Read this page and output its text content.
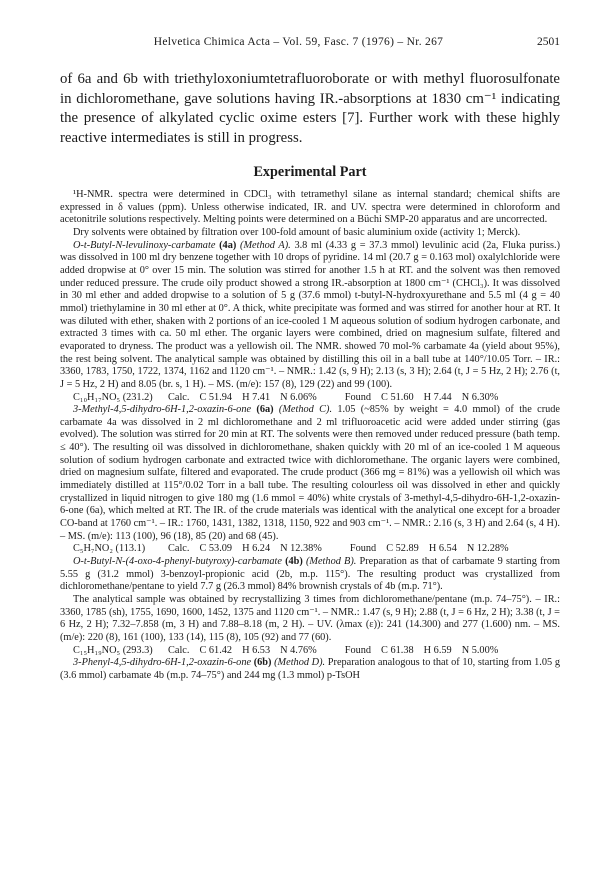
Helvetica Chimica Acta – Vol. 59, Fasc. 7 (1976) – Nr. 267	2501
of 6a and 6b with triethyloxoniumtetrafluoroborate or with methyl fluorosulfonate in dichloromethane, gave solutions having IR.-absorptions at 1830 cm⁻¹ indicating the presence of alkylated cyclic oxime esters [7]. Further work with these highly reactive intermediates is still in progress.
Experimental Part

¹H-NMR. spectra were determined in CDCl₃ with tetramethyl silane as internal standard; chemical shifts are expressed in δ values (ppm). Unless otherwise indicated, IR. and UV. spectra were determined in chloroform and acetonitrile solutions respectively. Melting points were determined on a Büchi SMP-20 apparatus and are uncorrected.

Dry solvents were obtained by filtration over 100-fold amount of basic aluminium oxide (activity 1; Merck).

O-t-Butyl-N-levulinoxy-carbamate (4a) (Method A). 3.8 ml (4.33 g = 37.3 mmol) levulinic acid (2a, Fluka puriss.) was dissolved in 100 ml dry benzene together with 10 drops of pyridine. 14 ml (20.7 g = 0.163 mol) oxalylchloride were added dropwise at 0° over 15 min. The solution was stirred for another 1.5 h at RT. and the solvent was then removed under reduced pressure. The crude oily product showed a strong IR.-absorption at 1800 cm⁻¹ (CHCl₃). It was dissolved in 30 ml ether and added dropwise to a solution of 5 g (37.6 mmol) t-butyl-N-hydroxyurethane and 5.5 ml (4 g = 40 mmol) triethylamine in 30 ml ether at 0°. A thick, white precipitate was formed and was stirred for another hour at RT. It was diluted with ether, shaken with 2 portions of an ice-cooled 1 M aqueous solution of sodium hydrogen carbonate, and extracted 3 times with ca. 50 ml ether. The organic layers were combined, dried on magnesium sulfate, filtered and evaporated to dryness. The product was a yellowish oil. The NMR. showed 70 mol-% carbamate 4a (yield about 95%), the rest being solvent. The analytical sample was obtained by distilling this oil in a ball tube at 140°/10.05 Torr. – IR.: 3360, 1783, 1750, 1722, 1374, 1162 and 1120 cm⁻¹. – NMR.: 1.42 (s, 9 H); 2.13 (s, 3 H); 2.64 (t, J = 5 Hz, 2 H); 2.76 (t, J = 5 Hz, 2 H) and 8.05 (br. s, 1 H). – MS. (m/e): 157 (8), 129 (22) and 99 (100).

C₁₀H₁₇NO₅ (231.2)	Calc. C 51.94 H 7.41 N 6.06%	Found C 51.60 H 7.44 N 6.30%

3-Methyl-4,5-dihydro-6H-1,2-oxazin-6-one (6a) (Method C). 1.05 (~85% by weight = 4.0 mmol) of the crude carbamate 4a was dissolved in 2 ml dichloromethane and 2 ml trifluoroacetic acid were added under stirring (gas evolved). The solution was stirred for 20 min at RT. The solvents were then removed under reduced pressure (bath temp. ≤ 40°). The resulting oil was dissolved in dichloromethane, shaken quickly with 20 ml of an ice-cooled 1 M aqueous solution of sodium hydrogen carbonate and extracted twice with dichloromethane. The organic layers were combined, dried on magnesium sulfate, filtered and evaporated. The crude product (366 mg = 81%) was a yellowish oil which was immediately distilled at 115°/0.02 Torr in a ball tube. The resulting colourless oil was dissolved in ether and quickly crystallized in liquid nitrogen to give 180 mg (1.6 mmol = 40%) white crystals of 3-methyl-4,5-dihydro-6H-1,2-oxazin-6-one (6a), which melted at RT. The IR. of the crude materials was identical with the analytical one except for a broader CO-band at 1760 cm⁻¹. – IR.: 1760, 1431, 1382, 1318, 1150, 922 and 903 cm⁻¹. – NMR.: 2.16 (s, 3 H) and 2.64 (s, 4 H). – MS. (m/e): 113 (100), 96 (18), 85 (20) and 68 (45).

C₅H₇NO₂ (113.1)	Calc. C 53.09 H 6.24 N 12.38%	Found C 52.89 H 6.54 N 12.28%

O-t-Butyl-N-(4-oxo-4-phenyl-butyroxy)-carbamate (4b) (Method B). Preparation as that of carbamate 9 starting from 5.55 g (31.2 mmol) 3-benzoyl-propionic acid (2b, m.p. 115°). The resulting product was crystallized from dichloromethane/pentane to yield 7.7 g (26.3 mmol) 84% brownish crystals of 4b (m.p. 71°).

The analytical sample was obtained by recrystallizing 3 times from dichloromethane/pentane (m.p. 74–75°). – IR.: 3360, 1785 (sh), 1755, 1690, 1600, 1452, 1375 and 1120 cm⁻¹. – NMR.: 1.47 (s, 9 H); 2.88 (t, J = 6 Hz, 2 H); 3.38 (t, J = 6 Hz, 2 H); 7.32–7.858 (m, 3 H) and 7.88–8.18 (m, 2 H). – UV. (λmax (ε)): 241 (14.300) and 277 (1.600) nm. – MS. (m/e): 220 (8), 161 (100), 133 (14), 115 (8), 105 (92) and 77 (60).

C₁₅H₁₉NO₅ (293.3)	Calc. C 61.42 H 6.53 N 4.76%	Found C 61.38 H 6.59 N 5.00%

3-Phenyl-4,5-dihydro-6H-1,2-oxazin-6-one (6b) (Method D). Preparation analogous to that of 10, starting from 1.05 g (3.6 mmol) carbamate 4b (m.p. 74–75°) and 244 mg (1.3 mmol) p-TsOH
